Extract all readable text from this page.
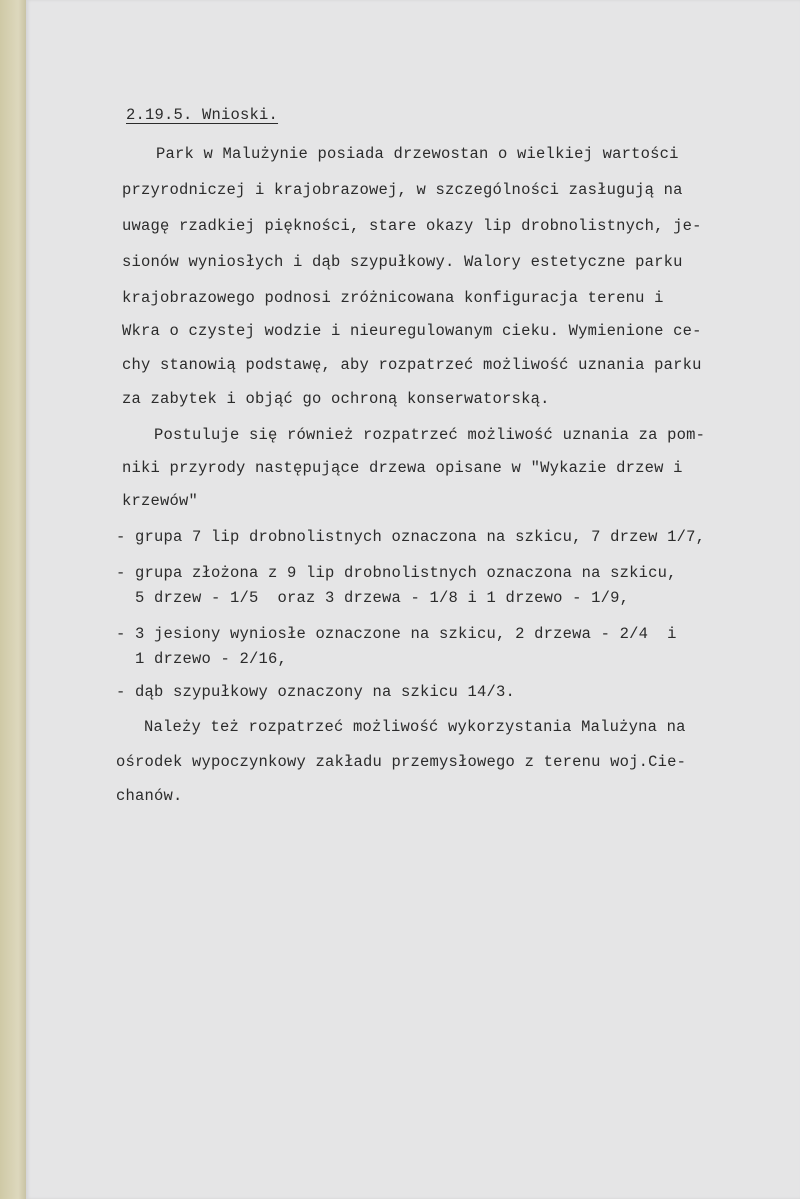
2.19.5. Wnioski.
Park w Malużynie posiada drzewostan o wielkiej wartości
przyrodniczej i krajobrazowej, w szczególności zasługują na
uwagę rzadkiej piękności, stare okazy lip drobnolistnych, je-
sionów wyniosłych i dąb szypułkowy. Walory estetyczne parku
krajobrazowego podnosi zróżnicowana konfiguracja terenu i
Wkra o czystej wodzie i nieuregulowanym cieku. Wymienione ce-
chy stanowią podstawę, aby rozpatrzeć możliwość uznania parku
za zabytek i objąć go ochroną konserwatorską.
Postuluje się również rozpatrzeć możliwość uznania za pom-
niki przyrody następujące drzewa opisane w "Wykazie drzew i
krzewów"
- grupa 7 lip drobnolistnych oznaczona na szkicu, 7 drzew 1/7,
- grupa złożona z 9 lip drobnolistnych oznaczona na szkicu,
5 drzew - 1/5  oraz 3 drzewa - 1/8 i 1 drzewo - 1/9,
- 3 jesiony wyniosłe oznaczone na szkicu, 2 drzewa - 2/4  i
1 drzewo - 2/16,
- dąb szypułkowy oznaczony na szkicu 14/3.
Należy też rozpatrzeć możliwość wykorzystania Malużyna na
ośrodek wypoczynkowy zakładu przemysłowego z terenu woj.Cie-
chanów.
